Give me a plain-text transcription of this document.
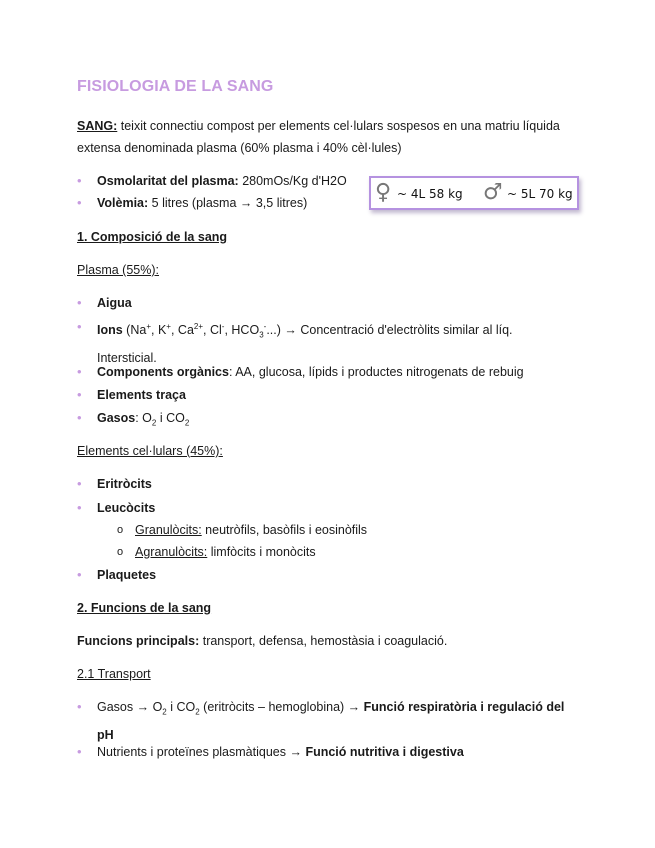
FISIOLOGIA DE LA SANG
SANG: teixit connectiu compost per elements cel·lulars sospesos en una matriu líquida
extensa denominada plasma (60% plasma i 40% cèl·lules)
• Osmolaritat del plasma: 280mOs/Kg d'H2O
• Volèmia: 5 litres (plasma → 3,5 litres)
1. Composició de la sang
Plasma (55%):
• Aigua
• Ions (Na+, K+, $Ca^{2+}$, Cl-, $HCO_3^-$...) → Concentració d'electròlits similar al líq.
Intersticial.
• Components orgànics: AA, glucosa, lípids i productes nitrogenats de rebuig
• Elements traça
• Gasos: $O_2$ i $CO_2$
Elements cel·lulars (45%):
• Eritròcits
• Leucòcits
o Granulòcits: neutròfils, basòfils i eosinòfils
o Agranulòcits: limfòcits i monòcits
• Plaquetes
2. Funcions de la sang
Funcions principals: transport, defensa, hemostàsia i coagulació.
2.1 Transport
• Gasos → $O_2$ i $CO_2$ (eritròcits – hemoglobina) → Funció respiratòria i regulació del
pH
• Nutrients i proteïnes plasmàtiques → Funció nutritiva i digestiva
♀ ~ 4L 58 kg ♂ ~ 5L 70 kg
